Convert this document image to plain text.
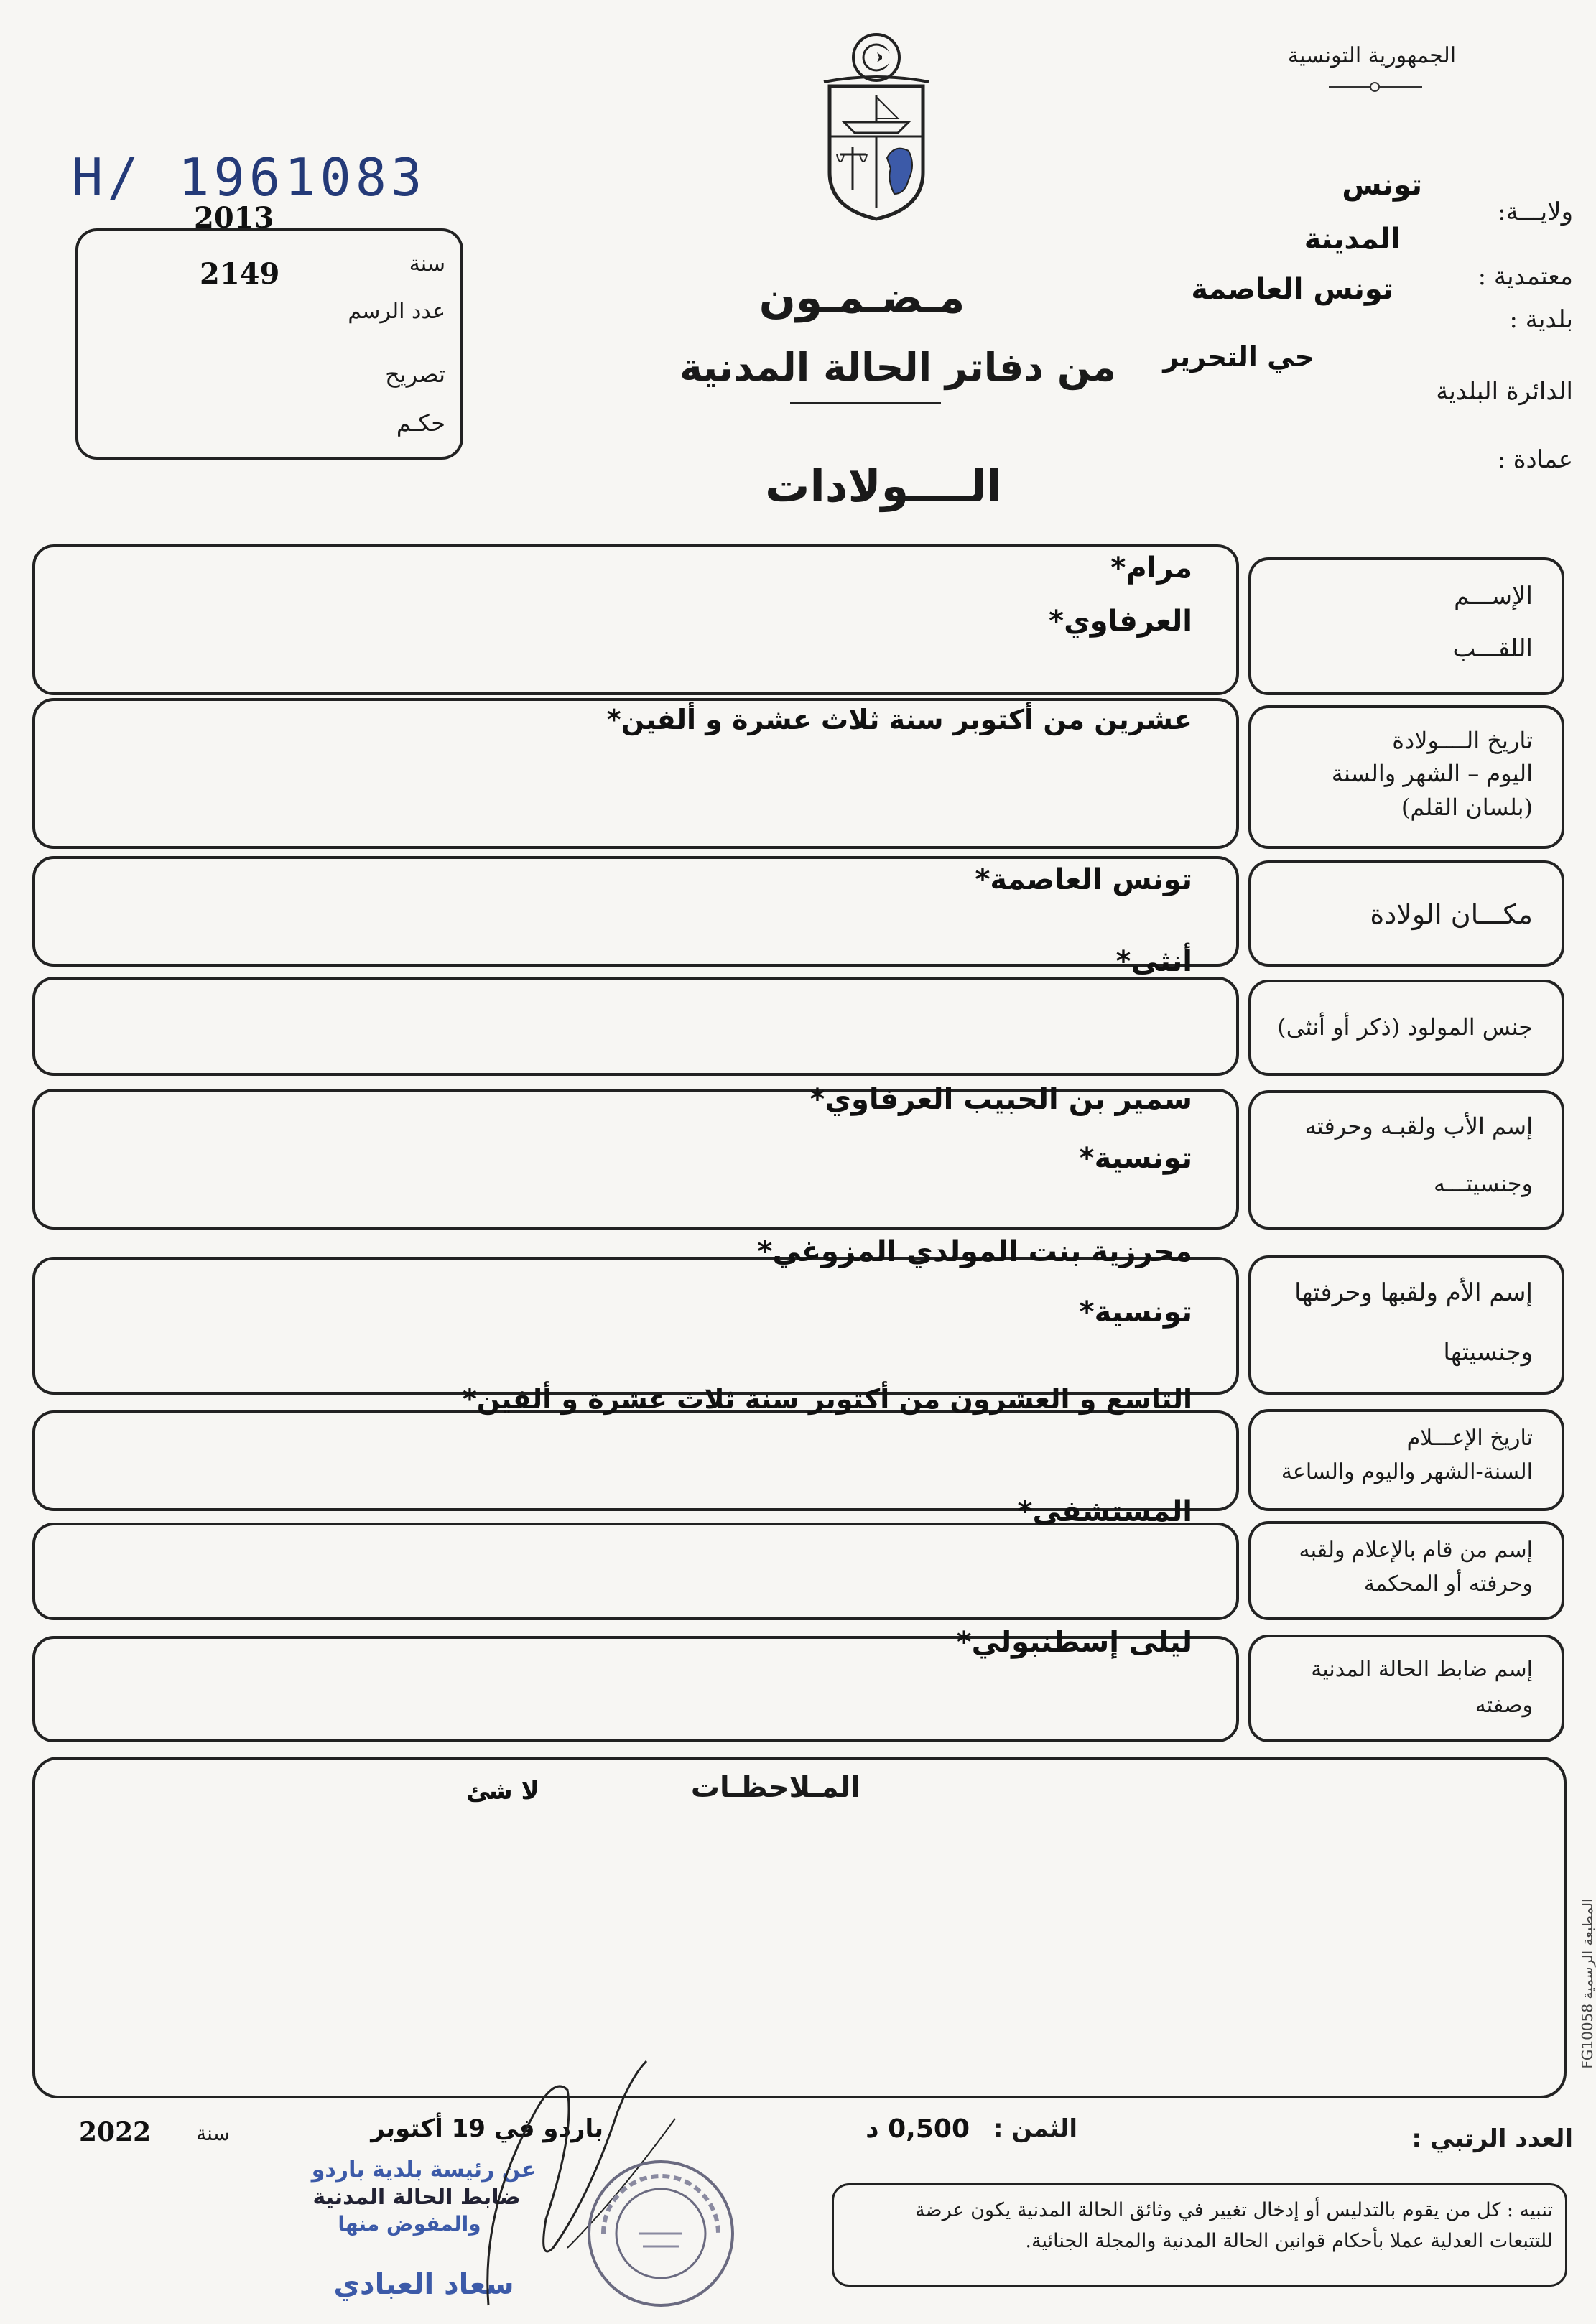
الجمهورية التونسية
H/ 1961083
2013
سنة
2149
عدد الرسم
تصريح
حكـم
ولايـــة:
تونس
المدينة
معتمدية :
تونس العاصمة
بلدية :
حي التحرير
الدائرة البلدية
عمادة :
مـضـمـون
من دفاتر الحالة المدنية
الــــولادات
الإســـم
اللقـــب
مرام*
العرفاوي*
تاريخ الــــولادة
اليوم – الشهر والسنة
(بلسان القلم)
عشرين من أكتوبر سنة ثلاث عشرة و ألفين*
مكـــان الولادة
تونس العاصمة*
جنس المولود (ذكر أو أنثى)
أنثى*
إسم الأب ولقبـه وحرفته
وجنسيتـــه
سمير بن الحبيب العرفاوي*
تونسية*
إسم الأم ولقبها وحرفتها
وجنسيتها
محرزية بنت المولدي المزوغي*
تونسية*
تاريخ الإعـــلام
السنة-الشهر واليوم والساعة
التاسع و العشرون من أكتوبر سنة ثلاث عشرة و ألفين*
إسم من قام بالإعلام ولقبه
وحرفته أو المحكمة
المستشفى*
إسم ضابط الحالة المدنية
وصفته
ليلى إسطنبولي*
المـلاحظـات
لا شئ
المطبعة الرسمية FG10058
العدد الرتبي :
الثمن :
0,500 د
باردو في 19 أكتوبر
سنة
2022
عن رئيسة بلدية باردو
ضابط الحالة المدنية
والمفوض منها
سعاد العبادي
تنبيه : كل من يقوم بالتدليس أو إدخال تغيير في وثائق الحالة المدنية يكون عرضة للتتبعات العدلية عملا بأحكام قوانين الحالة المدنية والمجلة الجنائية.
